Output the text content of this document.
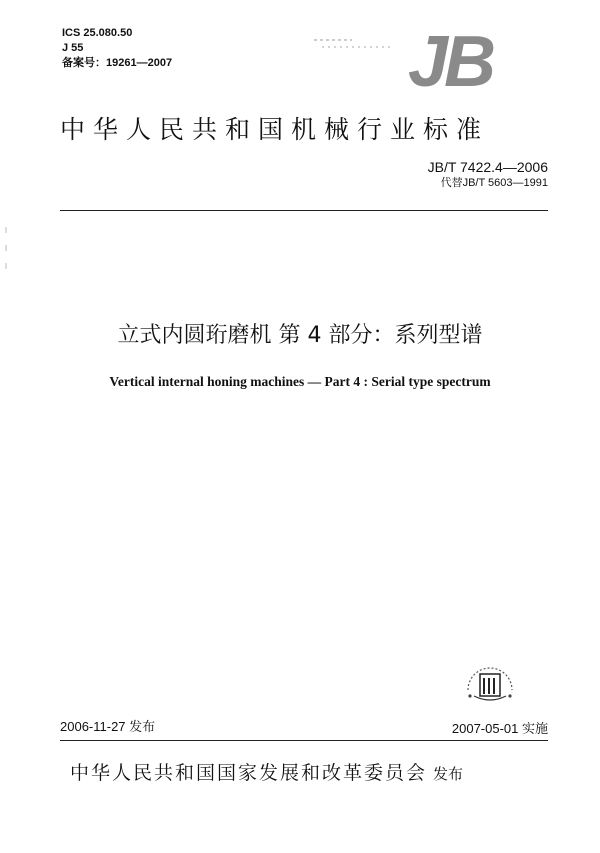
ICS 25.080.50
J 55
备案号：19261—2007	JB
中华人民共和国机械行业标准
JB/T 7422.4—2006
代替JB/T 5603—1991
立式内圆珩磨机 第 4 部分：系列型谱
Vertical internal honing machines — Part 4 : Serial type spectrum
2006-11-27 发布	2007-05-01 实施
中华人民共和国国家发展和改革委员会 发布
